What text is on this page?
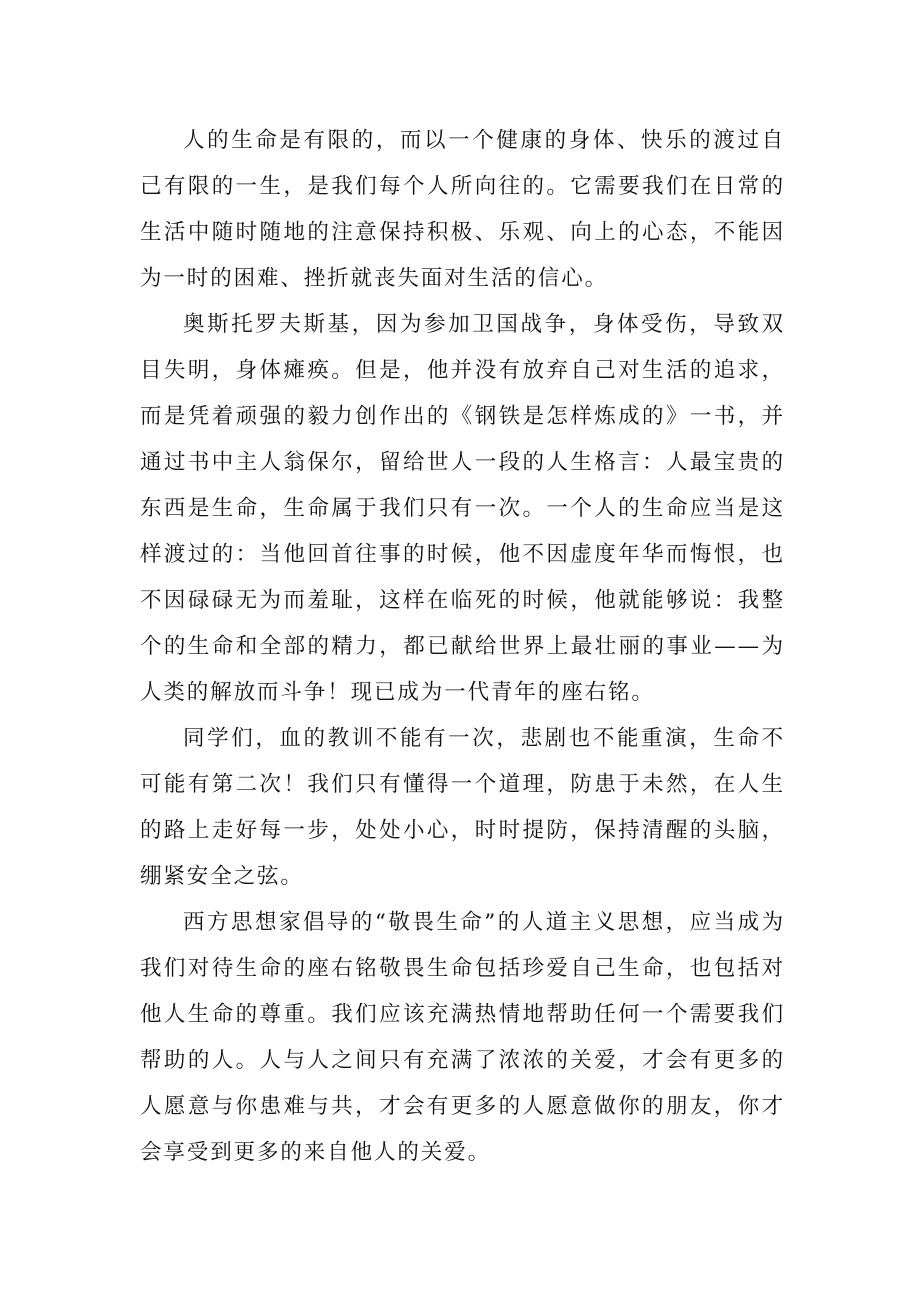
人的生命是有限的，而以一个健康的身体、快乐的渡过自己有限的一生，是我们每个人所向往的。它需要我们在日常的生活中随时随地的注意保持积极、乐观、向上的心态，不能因为一时的困难、挫折就丧失面对生活的信心。

奥斯托罗夫斯基，因为参加卫国战争，身体受伤，导致双目失明，身体瘫痪。但是，他并没有放弃自己对生活的追求，而是凭着顽强的毅力创作出的《钢铁是怎样炼成的》一书，并通过书中主人翁保尔，留给世人一段的人生格言：人最宝贵的东西是生命，生命属于我们只有一次。一个人的生命应当是这样渡过的：当他回首往事的时候，他不因虚度年华而悔恨，也不因碌碌无为而羞耻，这样在临死的时候，他就能够说：我整个的生命和全部的精力，都已献给世界上最壮丽的事业——为人类的解放而斗争！现已成为一代青年的座右铭。

同学们，血的教训不能有一次，悲剧也不能重演，生命不可能有第二次！我们只有懂得一个道理，防患于未然，在人生的路上走好每一步，处处小心，时时提防，保持清醒的头脑，绷紧安全之弦。

西方思想家倡导的“敬畏生命”的人道主义思想，应当成为我们对待生命的座右铭敬畏生命包括珍爱自己生命，也包括对他人生命的尊重。我们应该充满热情地帮助任何一个需要我们帮助的人。人与人之间只有充满了浓浓的关爱，才会有更多的人愿意与你患难与共，才会有更多的人愿意做你的朋友，你才会享受到更多的来自他人的关爱。
